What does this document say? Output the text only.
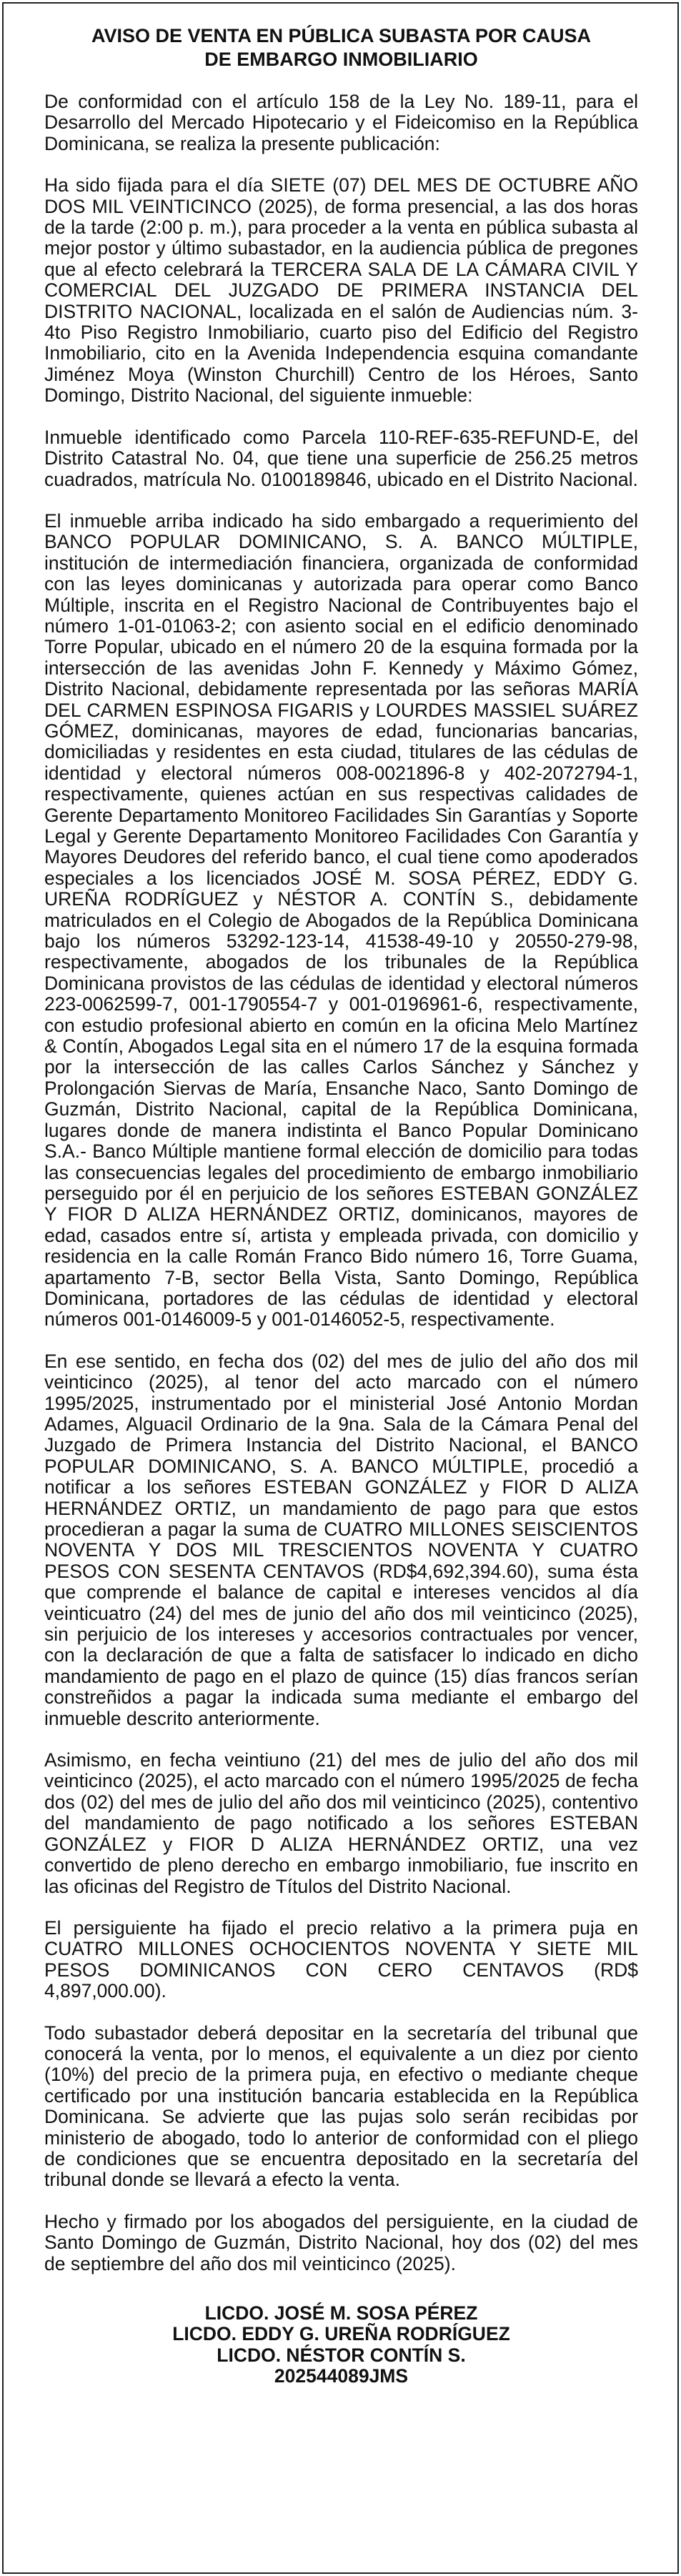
AVISO DE VENTA EN PÚBLICA SUBASTA POR CAUSA
DE EMBARGO INMOBILIARIO

De conformidad con el artículo 158 de la Ley No. 189-11, para el Desarrollo del Mercado Hipotecario y el Fideicomiso en la República Dominicana, se realiza la presente publicación:

Ha sido fijada para el día SIETE (07) DEL MES DE OCTUBRE AÑO DOS MIL VEINTICINCO (2025), de forma presencial, a las dos horas de la tarde (2:00 p. m.), para proceder a la venta en pública subasta al mejor postor y último subastador, en la audiencia pública de pregones que al efecto celebrará la TERCERA SALA DE LA CÁMARA CIVIL Y COMERCIAL DEL JUZGADO DE PRIMERA INSTANCIA DEL DISTRITO NACIONAL, localizada en el salón de Audiencias núm. 3-4to Piso Registro Inmobiliario, cuarto piso del Edificio del Registro Inmobiliario, cito en la Avenida Independencia esquina comandante Jiménez Moya (Winston Churchill) Centro de los Héroes, Santo Domingo, Distrito Nacional, del siguiente inmueble:

Inmueble identificado como Parcela 110-REF-635-REFUND-E, del Distrito Catastral No. 04, que tiene una superficie de 256.25 metros cuadrados, matrícula No. 0100189846, ubicado en el Distrito Nacional.

El inmueble arriba indicado ha sido embargado a requerimiento del BANCO POPULAR DOMINICANO, S. A. BANCO MÚLTIPLE, institución de intermediación financiera, organizada de conformidad con las leyes dominicanas y autorizada para operar como Banco Múltiple, inscrita en el Registro Nacional de Contribuyentes bajo el número 1-01-01063-2; con asiento social en el edificio denominado Torre Popular, ubicado en el número 20 de la esquina formada por la intersección de las avenidas John F. Kennedy y Máximo Gómez, Distrito Nacional, debidamente representada por las señoras MARÍA DEL CARMEN ESPINOSA FIGARIS y LOURDES MASSIEL SUÁREZ GÓMEZ, dominicanas, mayores de edad, funcionarias bancarias, domiciliadas y residentes en esta ciudad, titulares de las cédulas de identidad y electoral números 008-0021896-8 y 402-2072794-1, respectivamente, quienes actúan en sus respectivas calidades de Gerente Departamento Monitoreo Facilidades Sin Garantías y Soporte Legal y Gerente Departamento Monitoreo Facilidades Con Garantía y Mayores Deudores del referido banco, el cual tiene como apoderados especiales a los licenciados JOSÉ M. SOSA PÉREZ, EDDY G. UREÑA RODRÍGUEZ y NÉSTOR A. CONTÍN S., debidamente matriculados en el Colegio de Abogados de la República Dominicana bajo los números 53292-123-14, 41538-49-10 y 20550-279-98, respectivamente, abogados de los tribunales de la República Dominicana provistos de las cédulas de identidad y electoral números 223-0062599-7, 001-1790554-7 y 001-0196961-6, respectivamente, con estudio profesional abierto en común en la oficina Melo Martínez & Contín, Abogados Legal sita en el número 17 de la esquina formada por la intersección de las calles Carlos Sánchez y Sánchez y Prolongación Siervas de María, Ensanche Naco, Santo Domingo de Guzmán, Distrito Nacional, capital de la República Dominicana, lugares donde de manera indistinta el Banco Popular Dominicano S.A.- Banco Múltiple mantiene formal elección de domicilio para todas las consecuencias legales del procedimiento de embargo inmobiliario perseguido por él en perjuicio de los señores ESTEBAN GONZÁLEZ Y FIOR D ALIZA HERNÁNDEZ ORTIZ, dominicanos, mayores de edad, casados entre sí, artista y empleada privada, con domicilio y residencia en la calle Román Franco Bido número 16, Torre Guama, apartamento 7-B, sector Bella Vista, Santo Domingo, República Dominicana, portadores de las cédulas de identidad y electoral números 001-0146009-5 y 001-0146052-5, respectivamente.

En ese sentido, en fecha dos (02) del mes de julio del año dos mil veinticinco (2025), al tenor del acto marcado con el número 1995/2025, instrumentado por el ministerial José Antonio Mordan Adames, Alguacil Ordinario de la 9na. Sala de la Cámara Penal del Juzgado de Primera Instancia del Distrito Nacional, el BANCO POPULAR DOMINICANO, S. A. BANCO MÚLTIPLE, procedió a notificar a los señores ESTEBAN GONZÁLEZ y FIOR D ALIZA HERNÁNDEZ ORTIZ, un mandamiento de pago para que estos procedieran a pagar la suma de CUATRO MILLONES SEISCIENTOS NOVENTA Y DOS MIL TRESCIENTOS NOVENTA Y CUATRO PESOS CON SESENTA CENTAVOS (RD$4,692,394.60), suma ésta que comprende el balance de capital e intereses vencidos al día veinticuatro (24) del mes de junio del año dos mil veinticinco (2025), sin perjuicio de los intereses y accesorios contractuales por vencer, con la declaración de que a falta de satisfacer lo indicado en dicho mandamiento de pago en el plazo de quince (15) días francos serían constreñidos a pagar la indicada suma mediante el embargo del inmueble descrito anteriormente.

Asimismo, en fecha veintiuno (21) del mes de julio del año dos mil veinticinco (2025), el acto marcado con el número 1995/2025 de fecha dos (02) del mes de julio del año dos mil veinticinco (2025), contentivo del mandamiento de pago notificado a los señores ESTEBAN GONZÁLEZ y FIOR D ALIZA HERNÁNDEZ ORTIZ, una vez convertido de pleno derecho en embargo inmobiliario, fue inscrito en las oficinas del Registro de Títulos del Distrito Nacional.

El persiguiente ha fijado el precio relativo a la primera puja en CUATRO MILLONES OCHOCIENTOS NOVENTA Y SIETE MIL PESOS DOMINICANOS CON CERO CENTAVOS (RD$ 4,897,000.00).

Todo subastador deberá depositar en la secretaría del tribunal que conocerá la venta, por lo menos, el equivalente a un diez por ciento (10%) del precio de la primera puja, en efectivo o mediante cheque certificado por una institución bancaria establecida en la República Dominicana. Se advierte que las pujas solo serán recibidas por ministerio de abogado, todo lo anterior de conformidad con el pliego de condiciones que se encuentra depositado en la secretaría del tribunal donde se llevará a efecto la venta.

Hecho y firmado por los abogados del persiguiente, en la ciudad de Santo Domingo de Guzmán, Distrito Nacional, hoy dos (02) del mes de septiembre del año dos mil veinticinco (2025).

LICDO. JOSÉ M. SOSA PÉREZ
LICDO. EDDY G. UREÑA RODRÍGUEZ
LICDO. NÉSTOR CONTÍN S.
202544089JMS
